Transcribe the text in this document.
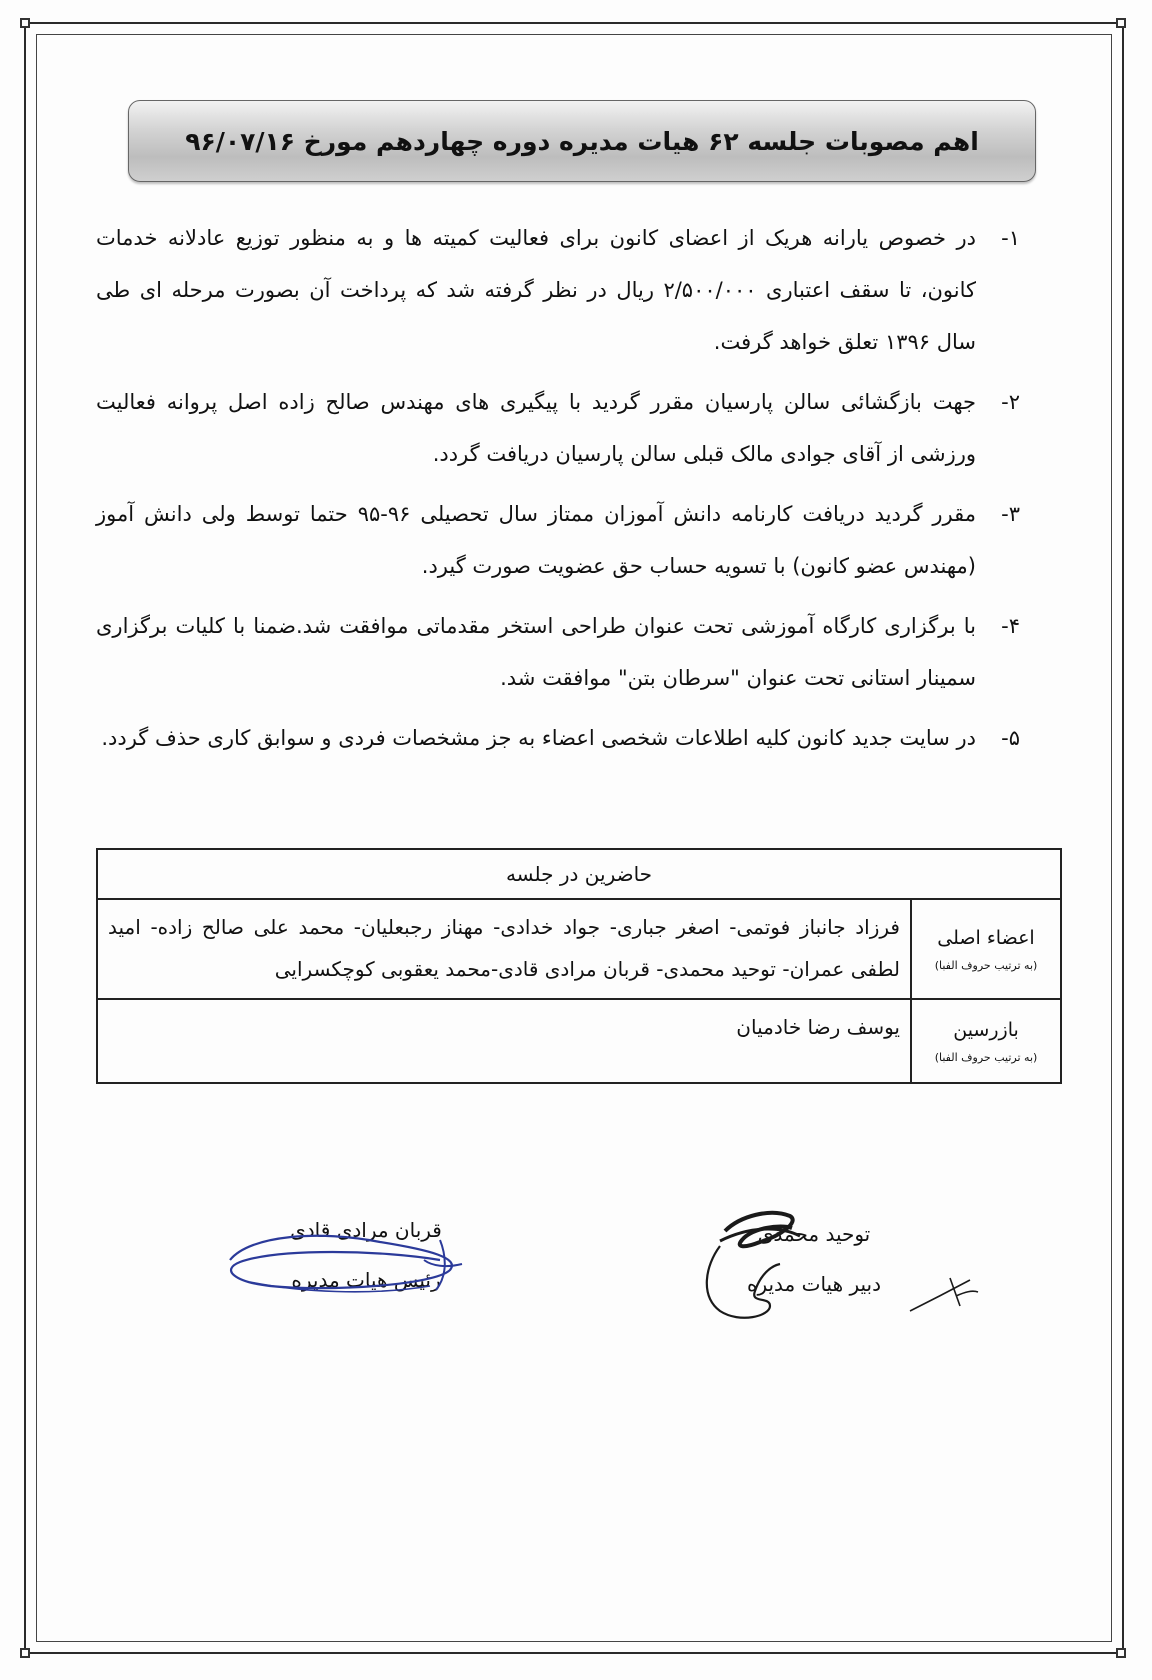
اهم مصوبات جلسه ۶۲ هیات مدیره دوره چهاردهم مورخ ۹۶/۰۷/۱۶
۱-
در خصوص یارانه هریک از اعضای کانون برای فعالیت کمیته ها و به منظور توزیع عادلانه خدمات کانون، تا سقف اعتباری ۲/۵۰۰/۰۰۰ ریال در نظر گرفته شد که پرداخت آن بصورت مرحله ای طی سال ۱۳۹۶ تعلق خواهد گرفت.
۲-
جهت بازگشائی سالن پارسیان مقرر گردید با پیگیری های مهندس صالح زاده اصل پروانه فعالیت ورزشی از آقای جوادی مالک قبلی سالن پارسیان دریافت گردد.
۳-
مقرر گردید دریافت کارنامه دانش آموزان ممتاز سال تحصیلی ۹۶-۹۵ حتما توسط ولی دانش آموز (مهندس عضو کانون) با تسویه حساب حق عضویت صورت گیرد.
۴-
با برگزاری کارگاه آموزشی تحت عنوان طراحی استخر مقدماتی موافقت شد.ضمنا با کلیات برگزاری سمینار استانی تحت عنوان "سرطان بتن" موافقت شد.
۵-
در سایت جدید کانون کلیه اطلاعات شخصی اعضاء به جز مشخصات فردی و سوابق کاری حذف گردد.
حاضرین در جلسه
اعضاء اصلی
(به ترتیب حروف الفبا)
فرزاد جانباز فوتمی- اصغر جباری- جواد خدادی- مهناز رجبعلیان- محمد علی صالح زاده- امید لطفی عمران- توحید محمدی- قربان مرادی قادی-محمد یعقوبی کوچکسرایی
بازرسین
(به ترتیب حروف الفبا)
یوسف رضا خادمیان
قربان مرادی قادی
رئیس هیات مدیره
توحید محمدی
دبیر هیات مدیره
